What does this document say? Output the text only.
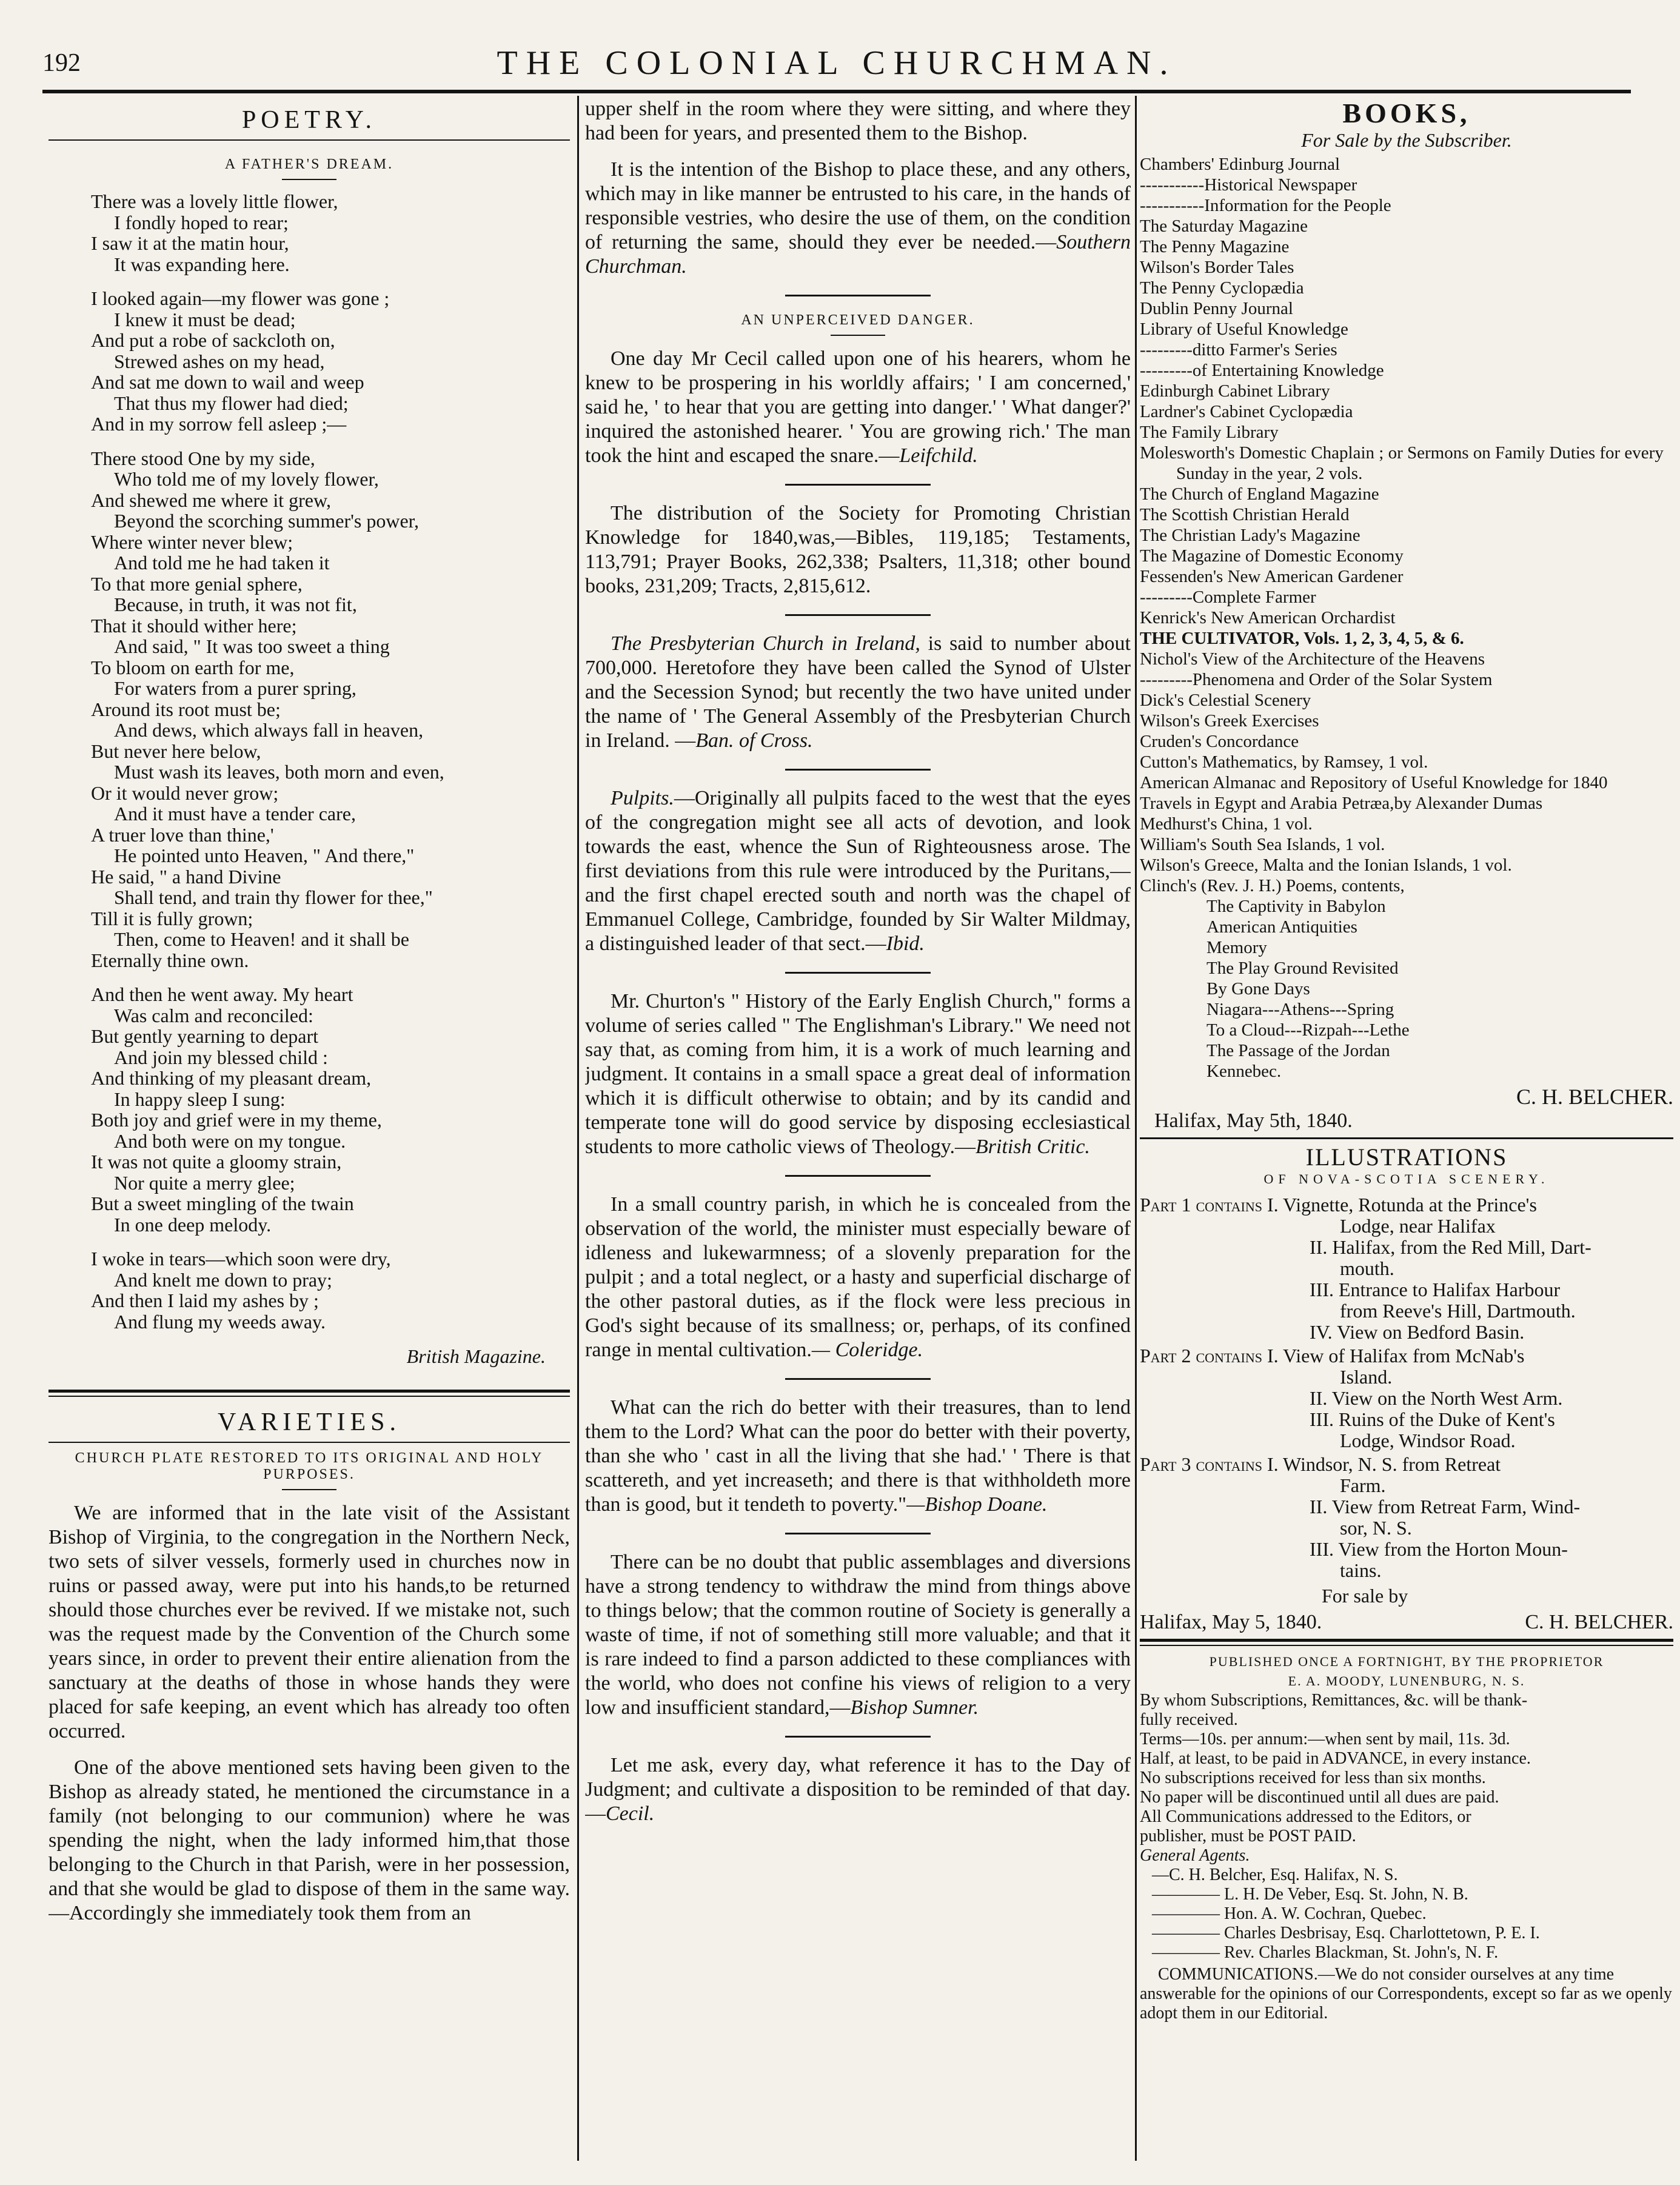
192	THE COLONIAL CHURCHMAN.
POETRY.
A FATHER'S DREAM.
There was a lovely little flower,
I fondly hoped to rear;
I saw it at the matin hour,
It was expanding here.
I looked again—my flower was gone ;
I knew it must be dead;
And put a robe of sackcloth on,
Strewed ashes on my head,
And sat me down to wail and weep
That thus my flower had died;
And in my sorrow fell asleep ;—
There stood One by my side,
Who told me of my lovely flower,
And shewed me where it grew,
Beyond the scorching summer's power,
Where winter never blew;
And told me he had taken it
To that more genial sphere,
Because, in truth, it was not fit,
That it should wither here;
And said, " It was too sweet a thing
To bloom on earth for me,
For waters from a purer spring,
Around its root must be;
And dews, which always fall in heaven,
But never here below,
Must wash its leaves, both morn and even,
Or it would never grow;
And it must have a tender care,
A truer love than thine,'
He pointed unto Heaven, " And there,"
He said, " a hand Divine
Shall tend, and train thy flower for thee,"
Till it is fully grown;
Then, come to Heaven! and it shall be
Eternally thine own.
And then he went away. My heart
Was calm and reconciled:
But gently yearning to depart
And join my blessed child :
And thinking of my pleasant dream,
In happy sleep I sung:
Both joy and grief were in my theme,
And both were on my tongue.
It was not quite a gloomy strain,
Nor quite a merry glee;
But a sweet mingling of the twain
In one deep melody.
I woke in tears—which soon were dry,
And knelt me down to pray;
And then I laid my ashes by ;
And flung my weeds away.
British Magazine.
VARIETIES.
CHURCH PLATE RESTORED TO ITS ORIGINAL AND HOLY PURPOSES.

We are informed that in the late visit of the Assistant Bishop of Virginia, to the congregation in the Northern Neck, two sets of silver vessels, formerly used in churches now in ruins or passed away, were put into his hands,to be returned should those churches ever be revived. If we mistake not, such was the request made by the Convention of the Church some years since, in order to prevent their entire alienation from the sanctuary at the deaths of those in whose hands they were placed for safe keeping, an event which has already too often occurred.

One of the above mentioned sets having been given to the Bishop as already stated, he mentioned the circumstance in a family (not belonging to our communion) where he was spending the night, when the lady informed him,that those belonging to the Church in that Parish, were in her possession, and that she would be glad to dispose of them in the same way.—Accordingly she immediately took them from an

upper shelf in the room where they were sitting, and where they had been for years, and presented them to the Bishop.

It is the intention of the Bishop to place these, and any others, which may in like manner be entrusted to his care, in the hands of responsible vestries, who desire the use of them, on the condition of returning the same, should they ever be needed.—Southern Churchman.

AN UNPERCEIVED DANGER.

One day Mr Cecil called upon one of his hearers, whom he knew to be prospering in his worldly affairs; ' I am concerned,' said he, ' to hear that you are getting into danger.' ' What danger?' inquired the astonished hearer. ' You are growing rich.' The man took the hint and escaped the snare.—Leifchild.

The distribution of the Society for Promoting Christian Knowledge for 1840,was,—Bibles, 119,185; Testaments, 113,791; Prayer Books, 262,338; Psalters, 11,318; other bound books, 231,209; Tracts, 2,815,612.

The Presbyterian Church in Ireland, is said to number about 700,000. Heretofore they have been called the Synod of Ulster and the Secession Synod; but recently the two have united under the name of ' The General Assembly of the Presbyterian Church in Ireland. —Ban. of Cross.

Pulpits.—Originally all pulpits faced to the west that the eyes of the congregation might see all acts of devotion, and look towards the east, whence the Sun of Righteousness arose. The first deviations from this rule were introduced by the Puritans,—and the first chapel erected south and north was the chapel of Emmanuel College, Cambridge, founded by Sir Walter Mildmay, a distinguished leader of that sect.—Ibid.

Mr. Churton's " History of the Early English Church," forms a volume of series called " The Englishman's Library." We need not say that, as coming from him, it is a work of much learning and judgment. It contains in a small space a great deal of information which it is difficult otherwise to obtain; and by its candid and temperate tone will do good service by disposing ecclesiastical students to more catholic views of Theology.—British Critic.

In a small country parish, in which he is concealed from the observation of the world, the minister must especially beware of idleness and lukewarmness; of a slovenly preparation for the pulpit ; and a total neglect, or a hasty and superficial discharge of the other pastoral duties, as if the flock were less precious in God's sight because of its smallness; or, perhaps, of its confined range in mental cultivation.— Coleridge.

What can the rich do better with their treasures, than to lend them to the Lord? What can the poor do better with their poverty, than she who ' cast in all the living that she had.' ' There is that scattereth, and yet increaseth; and there is that withholdeth more than is good, but it tendeth to poverty."—Bishop Doane.

There can be no doubt that public assemblages and diversions have a strong tendency to withdraw the mind from things above to things below; that the common routine of Society is generally a waste of time, if not of something still more valuable; and that it is rare indeed to find a parson addicted to these compliances with the world, who does not confine his views of religion to a very low and insufficient standard,—Bishop Sumner.

Let me ask, every day, what reference it has to the Day of Judgment; and cultivate a disposition to be reminded of that day. —Cecil.

BOOKS,
For Sale by the Subscriber.
Chambers' Edinburg Journal
-----------Historical Newspaper
-----------Information for the People
The Saturday Magazine
The Penny Magazine
Wilson's Border Tales
The Penny Cyclopædia
Dublin Penny Journal
Library of Useful Knowledge
---------ditto Farmer's Series
---------of Entertaining Knowledge
Edinburgh Cabinet Library
Lardner's Cabinet Cyclopædia
The Family Library
Molesworth's Domestic Chaplain ; or Sermons on Family Duties for every Sunday in the year, 2 vols.
The Church of England Magazine
The Scottish Christian Herald
The Christian Lady's Magazine
The Magazine of Domestic Economy
Fessenden's New American Gardener
---------Complete Farmer
Kenrick's New American Orchardist
THE CULTIVATOR, Vols. 1, 2, 3, 4, 5, & 6.
Nichol's View of the Architecture of the Heavens
---------Phenomena and Order of the Solar System
Dick's Celestial Scenery
Wilson's Greek Exercises
Cruden's Concordance
Cutton's Mathematics, by Ramsey, 1 vol.
American Almanac and Repository of Useful Knowledge for 1840
Travels in Egypt and Arabia Petræa,by Alexander Dumas
Medhurst's China, 1 vol.
William's South Sea Islands, 1 vol.
Wilson's Greece, Malta and the Ionian Islands, 1 vol.
Clinch's (Rev. J. H.) Poems, contents,
The Captivity in Babylon
American Antiquities
Memory
The Play Ground Revisited
By Gone Days
Niagara---Athens---Spring
To a Cloud---Rizpah---Lethe
The Passage of the Jordan
Kennebec.
C. H. BELCHER.
Halifax, May 5th, 1840.
ILLUSTRATIONS
OF NOVA-SCOTIA SCENERY.
Part 1 contains I. Vignette, Rotunda at the Prince's
Lodge, near Halifax
II. Halifax, from the Red Mill, Dart-
mouth.
III. Entrance to Halifax Harbour
from Reeve's Hill, Dartmouth.
IV. View on Bedford Basin.
Part 2 contains I. View of Halifax from McNab's
Island.
II. View on the North West Arm.
III. Ruins of the Duke of Kent's
Lodge, Windsor Road.
Part 3 contains I. Windsor, N. S. from Retreat
Farm.
II. View from Retreat Farm, Wind-
sor, N. S.
III. View from the Horton Moun-
tains.
For sale by
Halifax, May 5, 1840.	C. H. BELCHER.
PUBLISHED ONCE A FORTNIGHT, BY THE PROPRIETOR
E. A. MOODY, LUNENBURG, N. S.
By whom Subscriptions, Remittances, &c. will be thank-
fully received.
Terms—10s. per annum:—when sent by mail, 11s. 3d.
Half, at least, to be paid in ADVANCE, in every instance.
No subscriptions received for less than six months.
No paper will be discontinued until all dues are paid.
All Communications addressed to the Editors, or
publisher, must be POST PAID.
General Agents.
—C. H. Belcher, Esq. Halifax, N. S.
———— L. H. De Veber, Esq. St. John, N. B.
———— Hon. A. W. Cochran, Quebec.
———— Charles Desbrisay, Esq. Charlottetown, P. E. I.
———— Rev. Charles Blackman, St. John's, N. F.

COMMUNICATIONS.—We do not consider ourselves at any time answerable for the opinions of our Correspondents, except so far as we openly adopt them in our Editorial.
